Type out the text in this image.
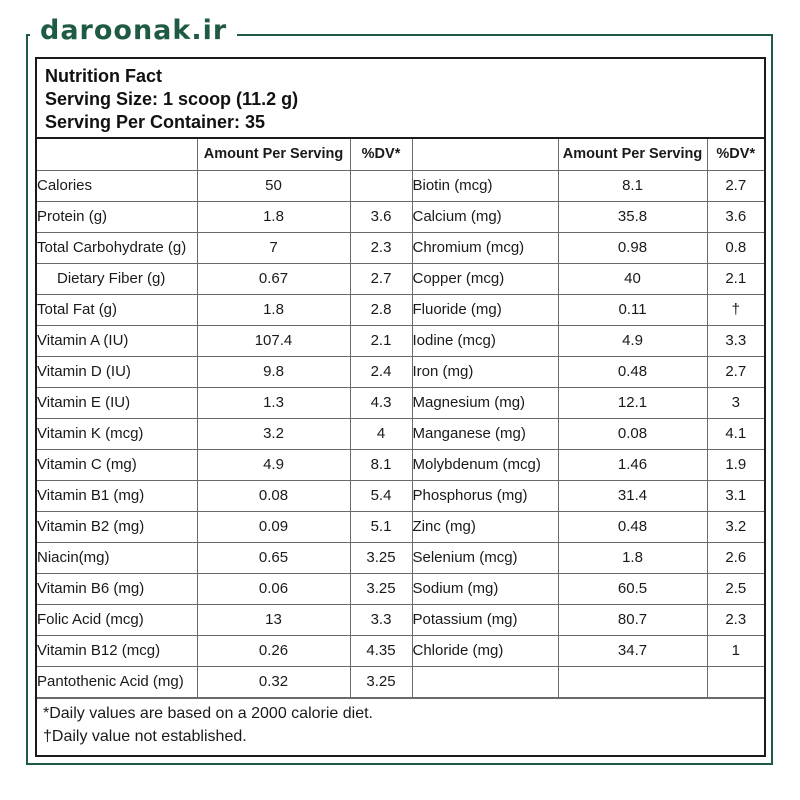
daroonak.ir
Nutrition Fact
Serving Size: 1 scoop (11.2 g)
Serving Per Container: 35
	Amount Per Serving	%DV*		Amount Per Serving	%DV*
Calories	50		Biotin (mcg)	8.1	2.7
Protein (g)	1.8	3.6	Calcium (mg)	35.8	3.6
Total Carbohydrate (g)	7	2.3	Chromium (mcg)	0.98	0.8
Dietary Fiber (g)	0.67	2.7	Copper (mcg)	40	2.1
Total Fat (g)	1.8	2.8	Fluoride (mg)	0.11	†
Vitamin A (IU)	107.4	2.1	Iodine (mcg)	4.9	3.3
Vitamin D (IU)	9.8	2.4	Iron (mg)	0.48	2.7
Vitamin E (IU)	1.3	4.3	Magnesium (mg)	12.1	3
Vitamin K (mcg)	3.2	4	Manganese (mg)	0.08	4.1
Vitamin C (mg)	4.9	8.1	Molybdenum (mcg)	1.46	1.9
Vitamin B1 (mg)	0.08	5.4	Phosphorus (mg)	31.4	3.1
Vitamin B2 (mg)	0.09	5.1	Zinc (mg)	0.48	3.2
Niacin(mg)	0.65	3.25	Selenium (mcg)	1.8	2.6
Vitamin B6 (mg)	0.06	3.25	Sodium (mg)	60.5	2.5
Folic Acid (mcg)	13	3.3	Potassium (mg)	80.7	2.3
Vitamin B12 (mcg)	0.26	4.35	Chloride (mg)	34.7	1
Pantothenic Acid (mg)	0.32	3.25			
*Daily values are based on a 2000 calorie diet.
†Daily value not established.
